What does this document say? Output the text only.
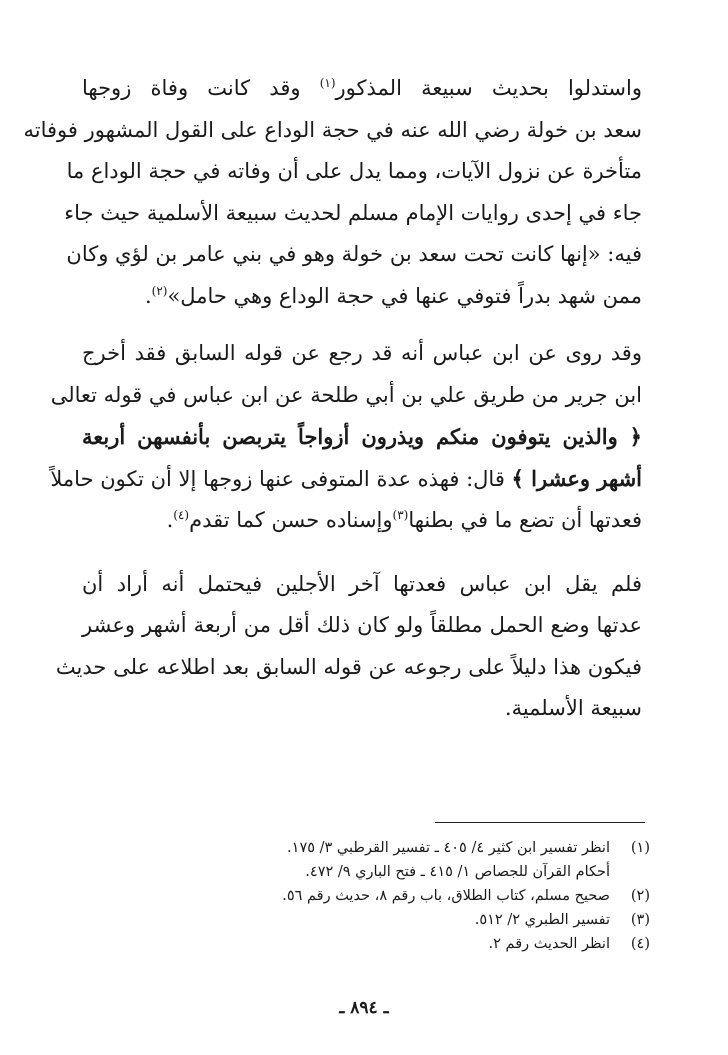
واستدلوا بحديث سبيعة المذكور$^{(١)}$ وقد كانت وفاة زوجها
سعد بن خولة رضي الله عنه في حجة الوداع على القول المشهور فوفاته
متأخرة عن نزول الآيات، ومما يدل على أن وفاته في حجة الوداع ما
جاء في إحدى روايات الإمام مسلم لحديث سبيعة الأسلمية حيث جاء
فيه: «إنها كانت تحت سعد بن خولة وهو في بني عامر بن لؤي وكان
ممن شهد بدراً فتوفي عنها في حجة الوداع وهي حامل»$^{(٢)}$.

وقد روى عن ابن عباس أنه قد رجع عن قوله السابق فقد أخرج
ابن جرير من طريق علي بن أبي طلحة عن ابن عباس في قوله تعالى
﴿ والذين يتوفون منكم ويذرون أزواجاً يتربصن بأنفسهن أربعة
أشهر وعشرا ﴾ قال: فهذه عدة المتوفى عنها زوجها إلا أن تكون حاملاً
فعدتها أن تضع ما في بطنها$^{(٣)}$وإسناده حسن كما تقدم$^{(٤)}$.

فلم يقل ابن عباس فعدتها آخر الأجلين فيحتمل أنه أراد أن
عدتها وضع الحمل مطلقاً ولو كان ذلك أقل من أربعة أشهر وعشر
فيكون هذا دليلاً على رجوعه عن قوله السابق بعد اطلاعه على حديث
سبيعة الأسلمية.

(١)
انظر تفسير ابن كثير ٤/ ٤٠٥ ـ تفسير القرطبي ٣/ ١٧٥.
أحكام القرآن للجصاص ١/ ٤١٥ ـ فتح الباري ٩/ ٤٧٢.
(٢)
صحيح مسلم، كتاب الطلاق، باب رقم ٨، حديث رقم ٥٦.
(٣)
تفسير الطبري ٢/ ٥١٢.
(٤)
انظر الحديث رقم ٢.
ـ ٨٩٤ ـ
